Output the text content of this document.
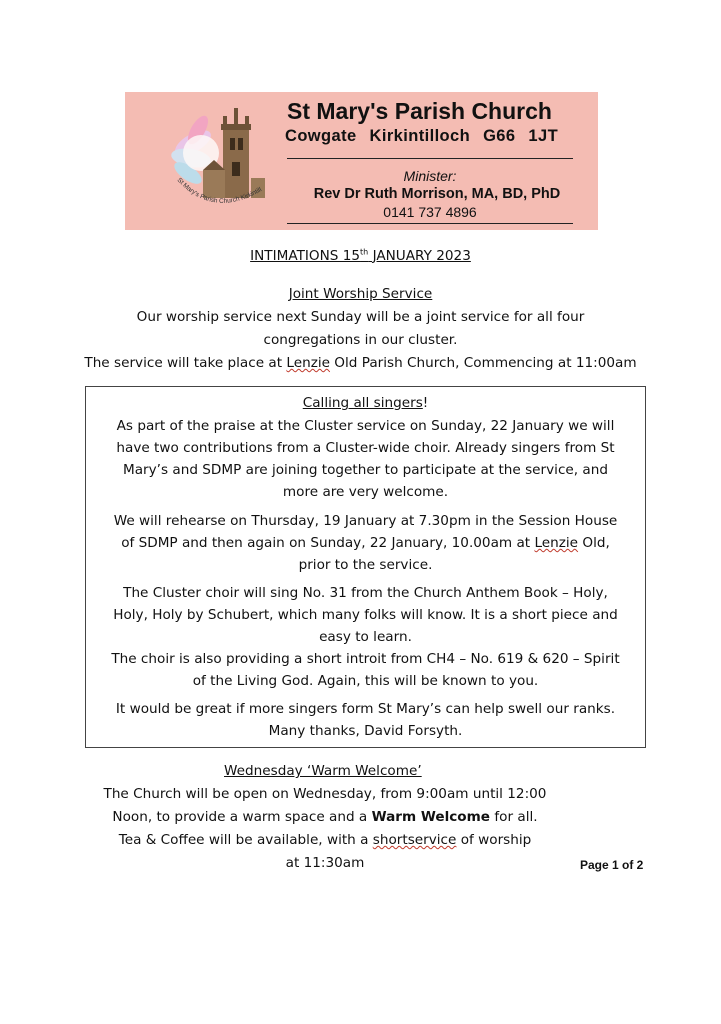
St Mary's Parish Church Kirkintill
St Mary's Parish Church
Cowgate Kirkintilloch G66 1JT
Minister:
Rev Dr Ruth Morrison, MA, BD, PhD
0141 737 4896
INTIMATIONS 15th JANUARY 2023
Joint Worship Service
Our worship service next Sunday will be a joint service for all four
congregations in our cluster.
The service will take place at Lenzie Old Parish Church, Commencing at 11:00am
Calling all singers!
As part of the praise at the Cluster service on Sunday, 22 January we will
have two contributions from a Cluster-wide choir. Already singers from St
Mary’s and SDMP are joining together to participate at the service, and
more are very welcome.
We will rehearse on Thursday, 19 January at 7.30pm in the Session House
of SDMP and then again on Sunday, 22 January, 10.00am at Lenzie Old,
prior to the service.
The Cluster choir will sing No. 31 from the Church Anthem Book – Holy,
Holy, Holy by Schubert, which many folks will know. It is a short piece and
easy to learn.
The choir is also providing a short introit from CH4 – No. 619 & 620 – Spirit
of the Living God. Again, this will be known to you.
It would be great if more singers form St Mary’s can help swell our ranks.
Many thanks, David Forsyth.
Wednesday ‘Warm Welcome’
The Church will be open on Wednesday, from 9:00am until 12:00
Noon, to provide a warm space and a Warm Welcome for all.
Tea & Coffee will be available, with a shortservice of worship
at 11:30am	Page 1 of 2
